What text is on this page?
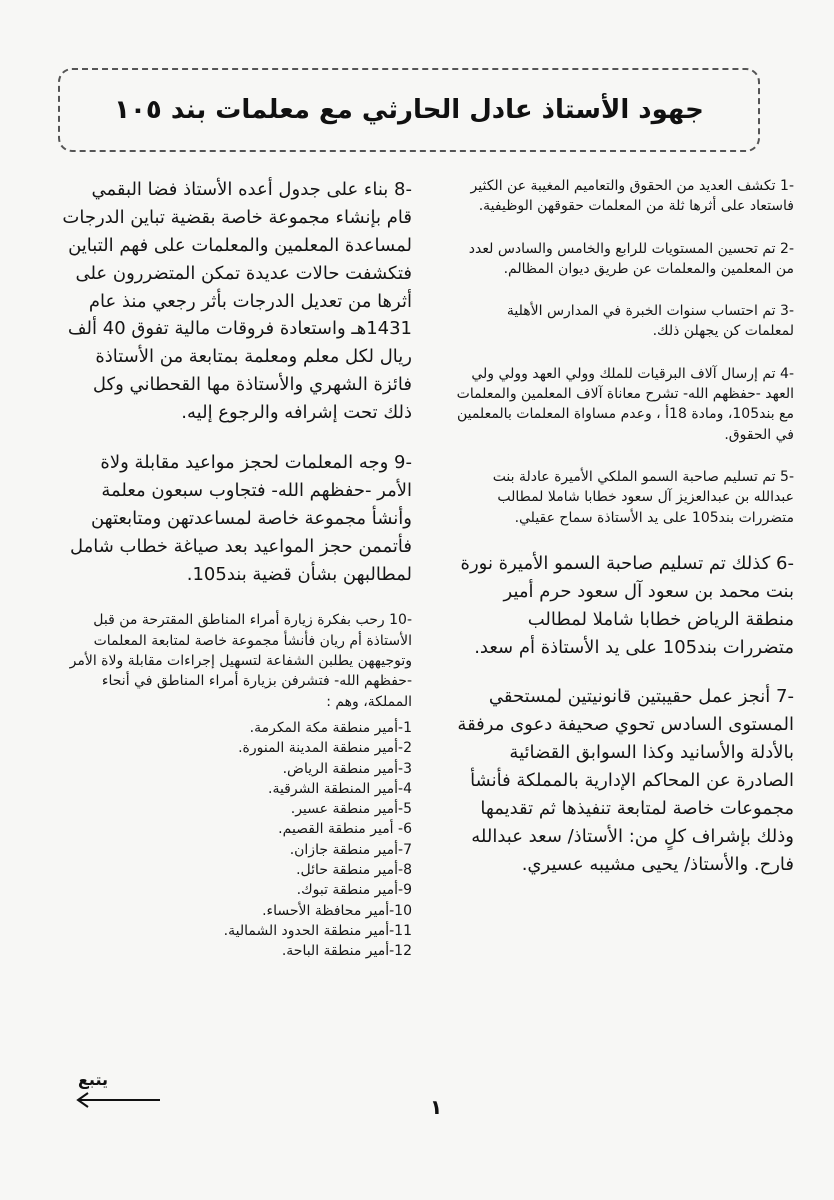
جهود الأستاذ عادل الحارثي مع معلمات بند ١٠٥

-1 تكشف العديد من الحقوق والتعاميم المغيبة عن الكثير فاستعاد على أثرها ثلة من المعلمات حقوقهن الوظيفية.

-2 تم تحسين المستويات للرابع والخامس والسادس لعدد من المعلمين والمعلمات عن طريق ديوان المظالم.

-3 تم احتساب سنوات الخبرة في المدارس الأهلية لمعلمات كن يجهلن ذلك.

-4 تم إرسال آلاف البرقيات للملك وولي العهد وولي ولي العهد -حفظهم الله- تشرح معاناة آلاف المعلمين والمعلمات مع بند105، ومادة 18أ ، وعدم مساواة المعلمات بالمعلمين في الحقوق.

-5 تم تسليم صاحبة السمو الملكي الأميرة عادلة بنت عبدالله بن عبدالعزيز آل سعود خطابا شاملا لمطالب متضررات بند105 على يد الأستاذة سماح عقيلي.

-6 كذلك تم تسليم صاحبة السمو الأميرة نورة بنت محمد بن سعود آل سعود حرم أمير منطقة الرياض خطابا شاملا لمطالب متضررات بند105 على يد الأستاذة أم سعد.

-7 أنجز عمل حقيبتين قانونيتين لمستحقي المستوى السادس تحوي صحيفة دعوى مرفقة بالأدلة والأسانيد وكذا السوابق القضائية الصادرة عن المحاكم الإدارية بالمملكة فأنشأ مجموعات خاصة لمتابعة تنفيذها ثم تقديمها وذلك بإشراف كلٍ من: الأستاذ/ سعد عبدالله فارح. والأستاذ/ يحيى مشيبه عسيري.

-8 بناء على جدول أعده الأستاذ فضا البقمي قام بإنشاء مجموعة خاصة بقضية تباين الدرجات لمساعدة المعلمين والمعلمات على فهم التباين فتكشفت حالات عديدة تمكن المتضررون على أثرها من تعديل الدرجات بأثر رجعي منذ عام 1431هـ واستعادة فروقات مالية تفوق 40 ألف ريال لكل معلم ومعلمة بمتابعة من الأستاذة فائزة الشهري والأستاذة مها القحطاني وكل ذلك تحت إشرافه والرجوع إليه.

-9 وجه المعلمات لحجز مواعيد مقابلة ولاة الأمر -حفظهم الله- فتجاوب سبعون معلمة وأنشأ مجموعة خاصة لمساعدتهن ومتابعتهن فأتممن حجز المواعيد بعد صياغة خطاب شامل لمطالبهن بشأن قضية بند105.

-10 رحب بفكرة زيارة أمراء المناطق المقترحة من قبل الأستاذة أم ريان فأنشأ مجموعة خاصة لمتابعة المعلمات وتوجيههن يطلبن الشفاعة لتسهيل إجراءات مقابلة ولاة الأمر -حفظهم الله- فتشرفن بزيارة أمراء المناطق في أنحاء المملكة، وهم :

1-أمير منطقة مكة المكرمة.
2-أمير منطقة المدينة المنورة.
3-أمير منطقة الرياض.
4-أمير المنطقة الشرقية.
5-أمير منطقة عسير.
6- أمير منطقة القصيم.
7-أمير منطقة جازان.
8-أمير منطقة حائل.
9-أمير منطقة تبوك.
10-أمير محافظة الأحساء.
11-أمير منطقة الحدود الشمالية.
12-أمير منطقة الباحة.
يتبع
١
